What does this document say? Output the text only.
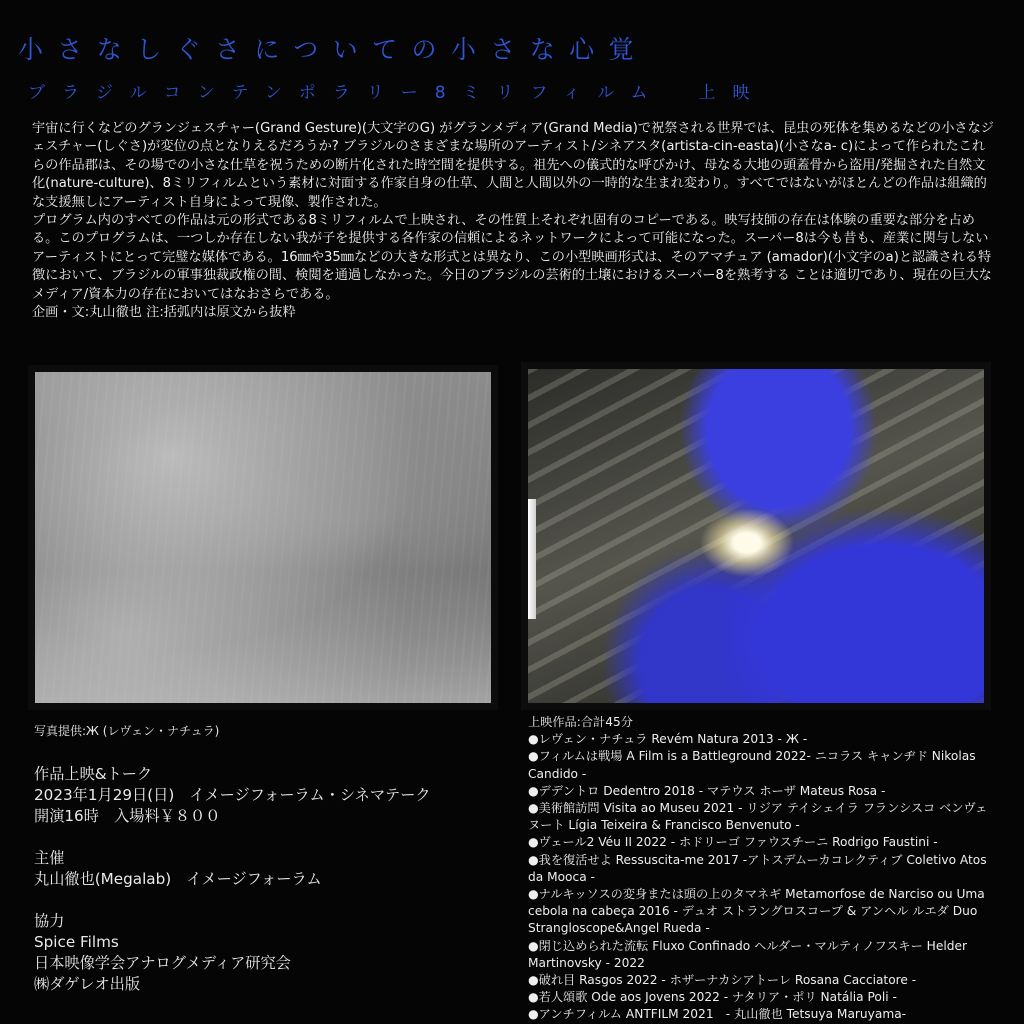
小さなしぐさについての小さな心覚
ブラジルコンテンポラリー8ミリフィルム　上映

宇宙に行くなどのグランジェスチャー(Grand Gesture)(大文字のG) がグランメディア(Grand Media)で祝祭される世界では、昆虫の死体を集めるなどの小さなジェスチャー(しぐさ)が変位の点となりえるだろうか? ブラジルのさまざまな場所のアーティスト/シネアスタ(artista-cin-easta)(小さなa- c)によって作られたこれらの作品郡は、その場での小さな仕草を祝うための断片化された時空間を提供する。祖先への儀式的な呼びかけ、母なる大地の頭蓋骨から盗用/発掘された自然文化(nature-culture)、8ミリフィルムという素材に対面する作家自身の仕草、人間と人間以外の一時的な生まれ変わり。すべてではないがほとんどの作品は組織的な支援無しにアーティスト自身によって現像、製作された。

プログラム内のすべての作品は元の形式である8ミリフィルムで上映され、その性質上それぞれ固有のコピーである。映写技師の存在は体験の重要な部分を占める。このプログラムは、一つしか存在しない我が子を提供する各作家の信頼によるネットワークによって可能になった。スーパー8は今も昔も、産業に関与しないアーティストにとって完璧な媒体である。16㎜や35㎜などの大きな形式とは異なり、この小型映画形式は、そのアマチュア (amador)(小文字のa)と認識される特徴において、ブラジルの軍事独裁政権の間、検閲を通過しなかった。今日のブラジルの芸術的土壌におけるスーパー8を熟考する ことは適切であり、現在の巨大なメディア/資本力の存在においてはなおさらである。

企画・文:丸山徹也 注:括弧内は原文から抜粋

写真提供:Ж (レヴェン・ナチュラ)

作品上映&トーク

2023年1月29日(日)　イメージフォーラム・シネマテーク

開演16時　入場料￥８００

主催

丸山徹也(Megalab)　イメージフォーラム

協力

Spice Films

日本映像学会アナログメディア研究会

㈱ダゲレオ出版

上映作品:合計45分

●レヴェン・ナチュラ Revém Natura 2013 - Ж -

●フィルムは戦場 A Film is a Battleground 2022- ニコラス キャンヂド Nikolas Candido -

●デデントロ Dedentro 2018 - マテウス ホーザ Mateus Rosa -

●美術館訪問 Visita ao Museu 2021 - リジア テイシェイラ フランシスコ ベンヴェヌート Lígia Teixeira & Francisco Benvenuto -

●ヴェール2 Véu II 2022 - ホドリーゴ ファウスチーニ Rodrigo Faustini -

●我を復活せよ Ressuscita-me 2017 -アトスデムーカコレクティブ Coletivo Atos da Mooca -

●ナルキッソスの変身または頭の上のタマネギ Metamorfose de Narciso ou Uma cebola na cabeça 2016 - デュオ ストラングロスコープ & アンヘル ルエダ Duo Strangloscope&Angel Rueda -

●閉じ込められた流転 Fluxo Confinado ヘルダー・マルティノフスキー Helder Martinovsky - 2022

●破れ目 Rasgos 2022 - ホザーナカシアトーレ Rosana Cacciatore -

●若人頌歌 Ode aos Jovens 2022 - ナタリア・ポリ Natália Poli -

●アンチフィルム ANTFILM 2021　- 丸山徹也 Tetsuya Maruyama-
